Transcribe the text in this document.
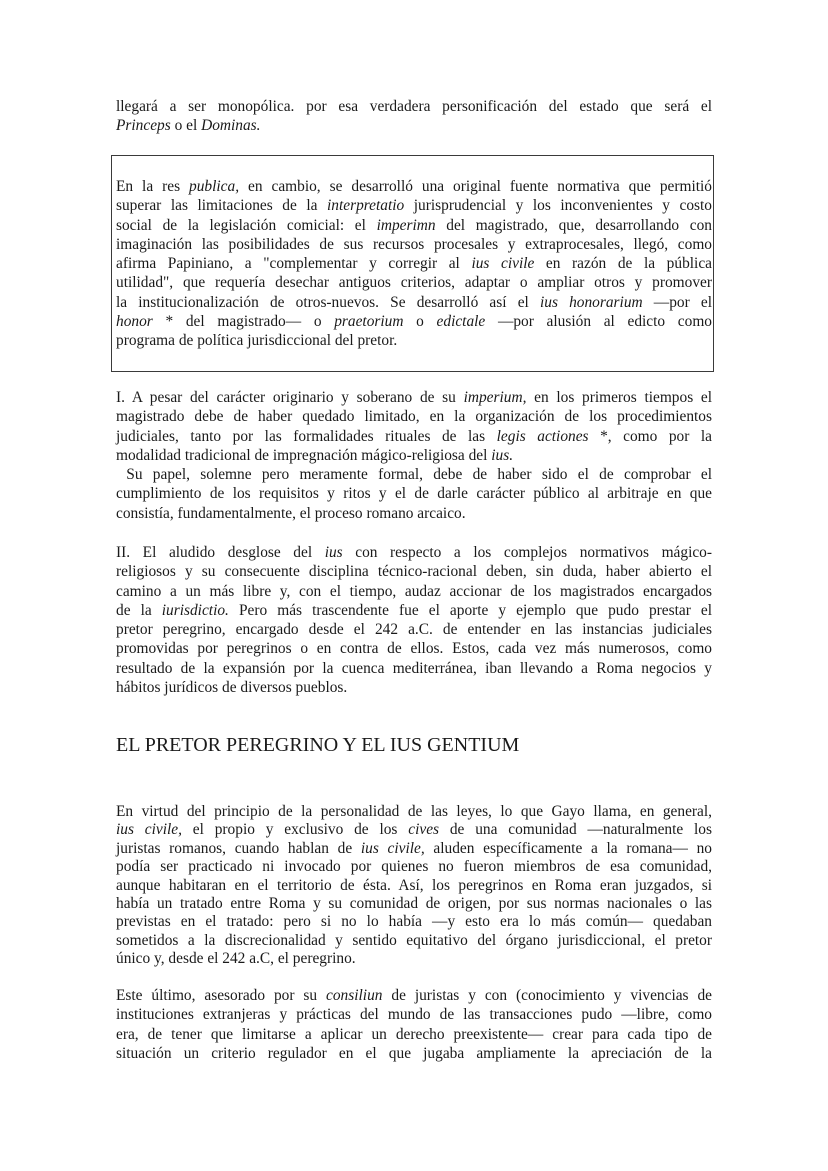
llegará a ser monopólica. por esa verdadera personificación del estado que será el
Princeps o el Dominas.
En la res publica, en cambio, se desarrolló una original fuente normativa que permitió
superar las limitaciones de la interpretatio jurisprudencial y los inconvenientes y costo
social de la legislación comicial: el imperimn del magistrado, que, desarrollando con
imaginación las posibilidades de sus recursos procesales y extraprocesales, llegó, como
afirma Papiniano, a "complementar y corregir al ius civile en razón de la pública
utilidad", que requería desechar antiguos criterios, adaptar o ampliar otros y promover
la institucionalización de otros-nuevos. Se desarrolló así el ius honorarium —por el
honor * del magistrado— o praetorium o edictale —por alusión al edicto como
programa de política jurisdiccional del pretor.
I. A pesar del carácter originario y soberano de su imperium, en los primeros tiempos el
magistrado debe de haber quedado limitado, en la organización de los procedimientos
judiciales, tanto por las formalidades rituales de las legis actiones *, como por la
modalidad tradicional de impregnación mágico-religiosa del ius.
Su papel, solemne pero meramente formal, debe de haber sido el de comprobar el
cumplimiento de los requisitos y ritos y el de darle carácter público al arbitraje en que
consistía, fundamentalmente, el proceso romano arcaico.
II. El aludido desglose del ius con respecto a los complejos normativos mágico-
religiosos y su consecuente disciplina técnico-racional deben, sin duda, haber abierto el
camino a un más libre y, con el tiempo, audaz accionar de los magistrados encargados
de la iurisdictio. Pero más trascendente fue el aporte y ejemplo que pudo prestar el
pretor peregrino, encargado desde el 242 a.C. de entender en las instancias judiciales
promovidas por peregrinos o en contra de ellos. Estos, cada vez más numerosos, como
resultado de la expansión por la cuenca mediterránea, iban llevando a Roma negocios y
hábitos jurídicos de diversos pueblos.
EL PRETOR PEREGRINO Y EL IUS GENTIUM
En virtud del principio de la personalidad de las leyes, lo que Gayo llama, en general,
ius civile, el propio y exclusivo de los cives de una comunidad —naturalmente los
juristas romanos, cuando hablan de ius civile, aluden específicamente a la romana— no
podía ser practicado ni invocado por quienes no fueron miembros de esa comunidad,
aunque habitaran en el territorio de ésta. Así, los peregrinos en Roma eran juzgados, si
había un tratado entre Roma y su comunidad de origen, por sus normas nacionales o las
previstas en el tratado: pero si no lo había —y esto era lo más común— quedaban
sometidos a la discrecionalidad y sentido equitativo del órgano jurisdiccional, el pretor
único y, desde el 242 a.C, el peregrino.
Este último, asesorado por su consiliun de juristas y con (conocimiento y vivencias de
instituciones extranjeras y prácticas del mundo de las transacciones pudo —libre, como
era, de tener que limitarse a aplicar un derecho preexistente— crear para cada tipo de
situación un criterio regulador en el que jugaba ampliamente la apreciación de la
